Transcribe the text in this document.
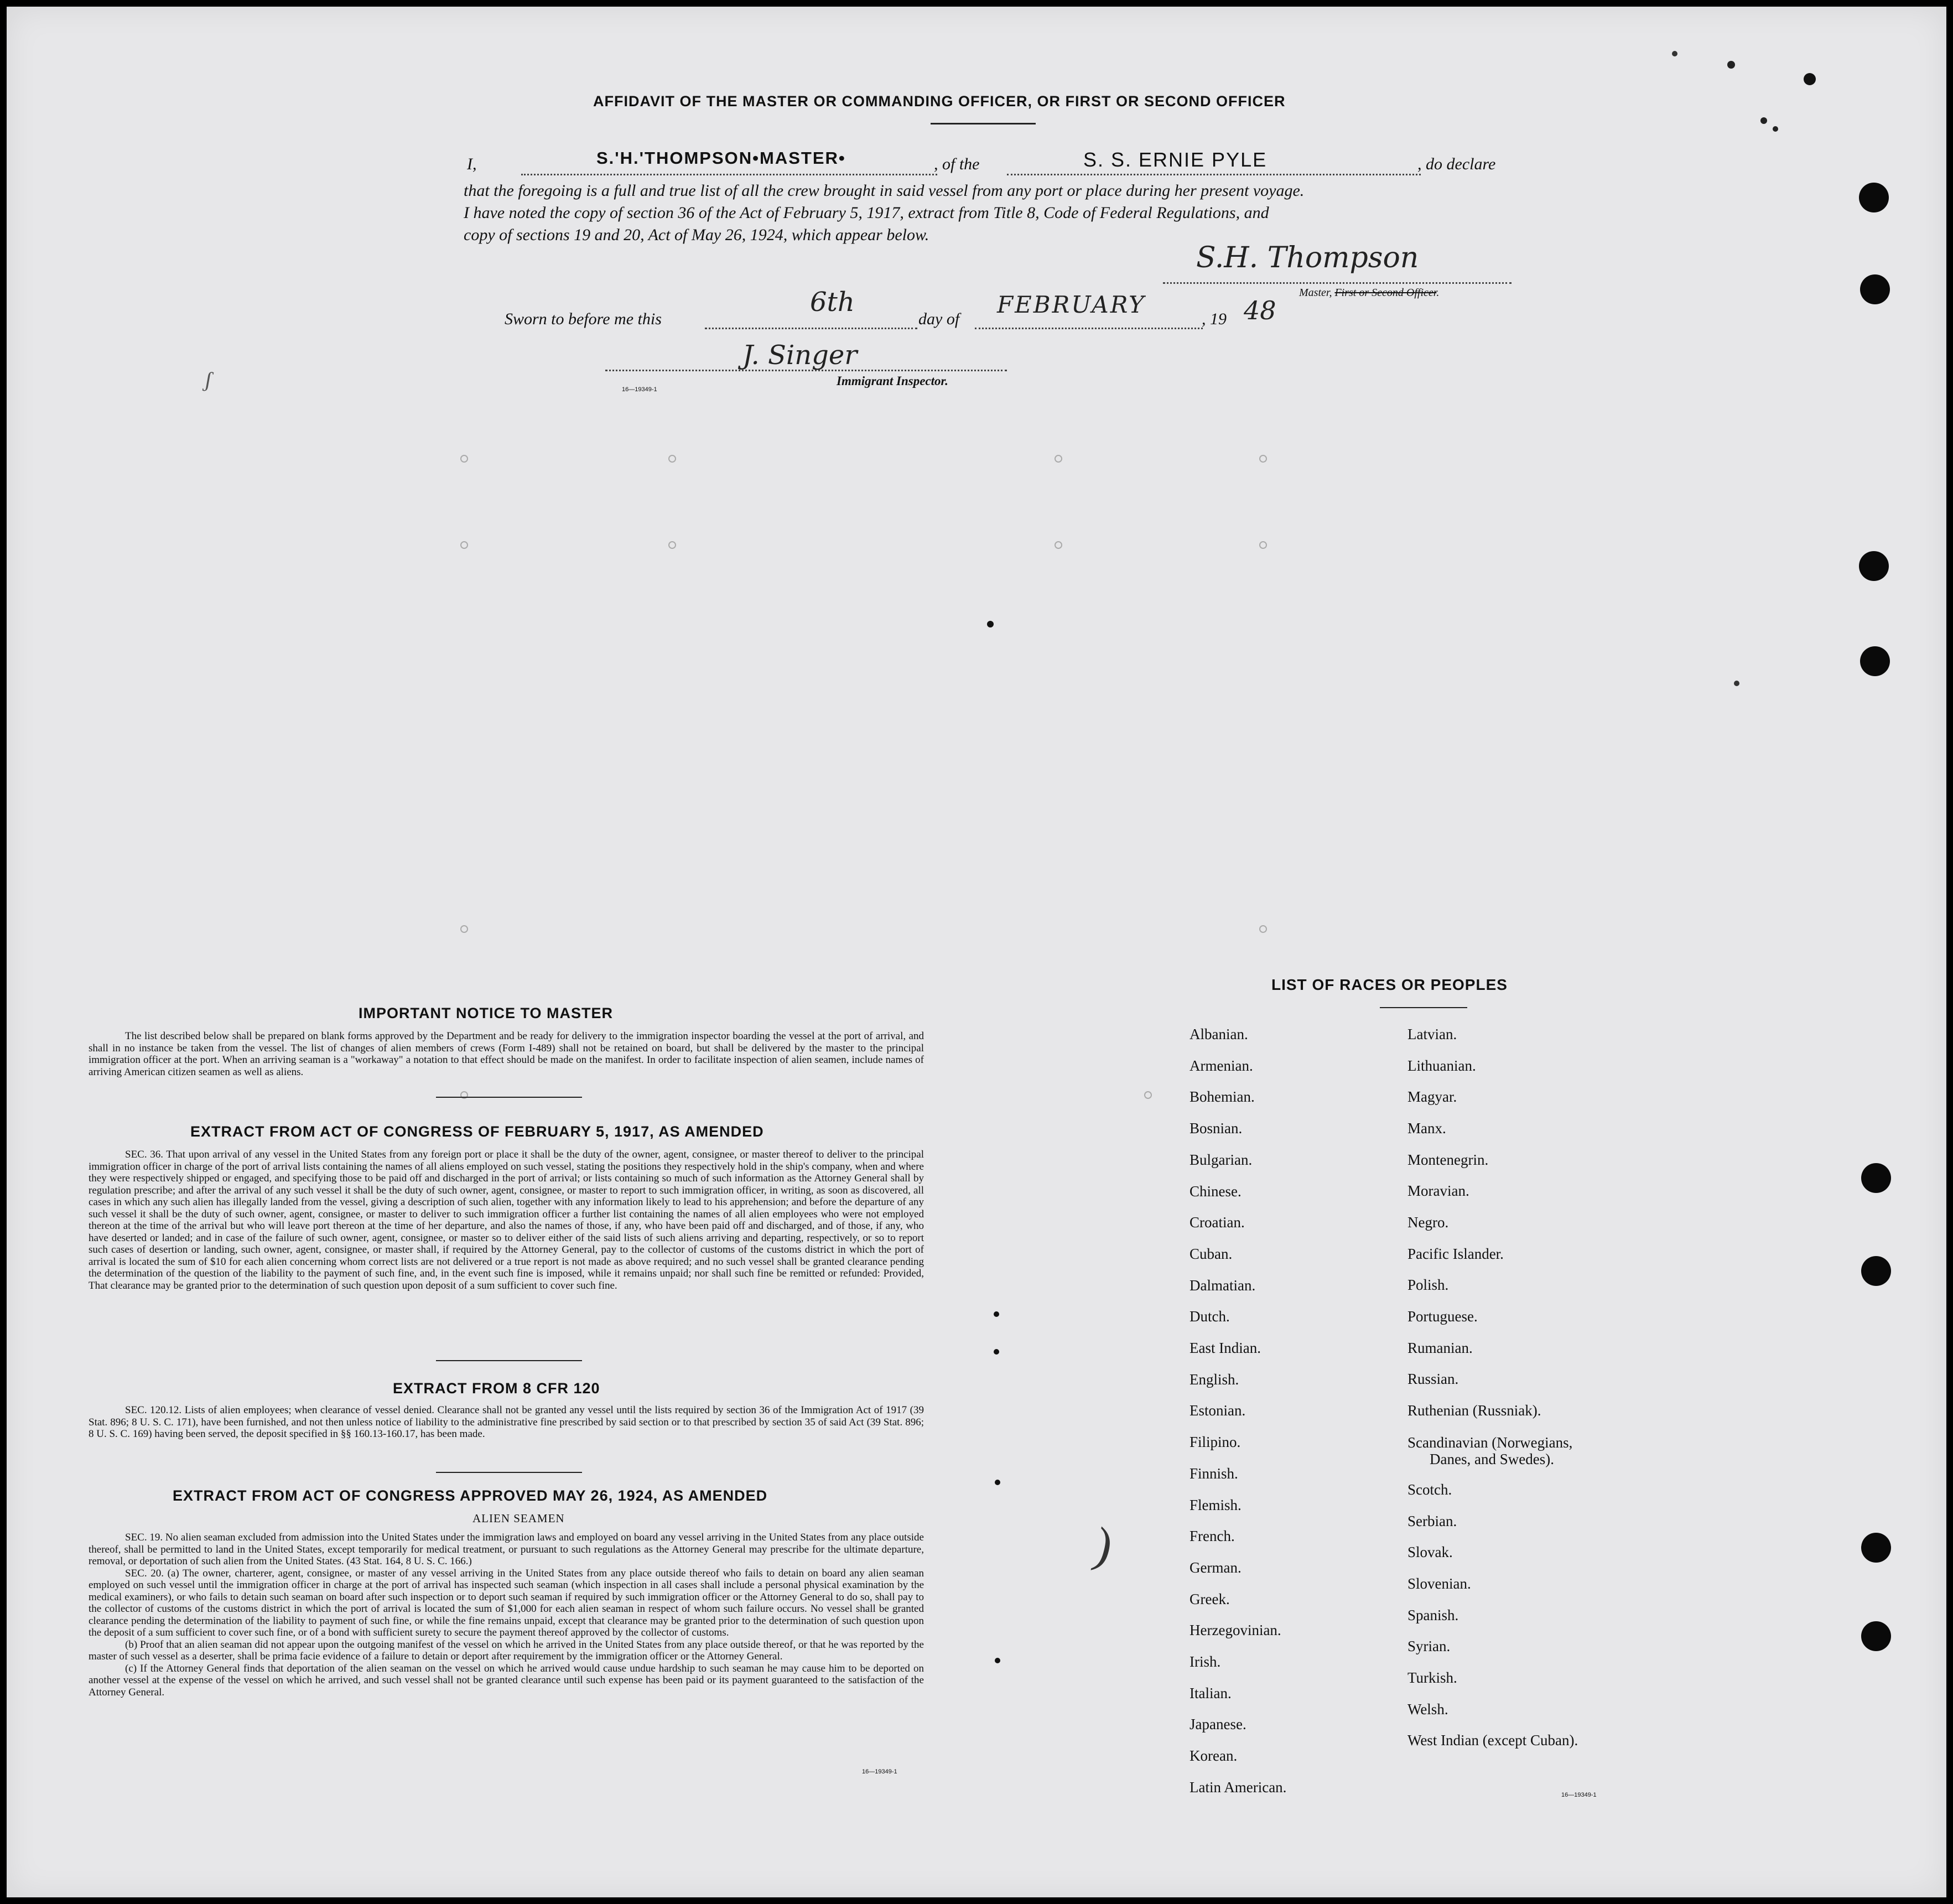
AFFIDAVIT OF THE MASTER OR COMMANDING OFFICER, OR FIRST OR SECOND OFFICER
I,	S.'H.'THOMPSON•MASTER•	, of the	S. S. ERNIE PYLE	, do declare
that the foregoing is a full and true list of all the crew brought in said vessel from any port or place during her present voyage.
I have noted the copy of section 36 of the Act of February 5, 1917, extract from Title 8, Code of Federal Regulations, and
copy of sections 19 and 20, Act of May 26, 1924, which appear below.
S.H. Thompson
Master, First or Second Officer.
Sworn to before me this
6th
day of
FEBRUARY
, 19 48
J. Singer
16—19349-1
Immigrant Inspector.
IMPORTANT NOTICE TO MASTER
The list described below shall be prepared on blank forms approved by the Department and be ready for delivery to the immigration inspector boarding the vessel at the port of arrival, and shall in no instance be taken from the vessel. The list of changes of alien members of crews (Form I-489) shall not be retained on board, but shall be delivered by the master to the principal immigration officer at the port. When an arriving seaman is a "workaway" a notation to that effect should be made on the manifest. In order to facilitate inspection of alien seamen, include names of arriving American citizen seamen as well as aliens.
EXTRACT FROM ACT OF CONGRESS OF FEBRUARY 5, 1917, AS AMENDED
SEC. 36. That upon arrival of any vessel in the United States from any foreign port or place it shall be the duty of the owner, agent, consignee, or master thereof to deliver to the principal immigration officer in charge of the port of arrival lists containing the names of all aliens employed on such vessel, stating the positions they respectively hold in the ship's company, when and where they were respectively shipped or engaged, and specifying those to be paid off and discharged in the port of arrival; or lists containing so much of such information as the Attorney General shall by regulation prescribe; and after the arrival of any such vessel it shall be the duty of such owner, agent, consignee, or master to report to such immigration officer, in writing, as soon as discovered, all cases in which any such alien has illegally landed from the vessel, giving a description of such alien, together with any information likely to lead to his apprehension; and before the departure of any such vessel it shall be the duty of such owner, agent, consignee, or master to deliver to such immigration officer a further list containing the names of all alien employees who were not employed thereon at the time of the arrival but who will leave port thereon at the time of her departure, and also the names of those, if any, who have been paid off and discharged, and of those, if any, who have deserted or landed; and in case of the failure of such owner, agent, consignee, or master so to deliver either of the said lists of such aliens arriving and departing, respectively, or so to report such cases of desertion or landing, such owner, agent, consignee, or master shall, if required by the Attorney General, pay to the collector of customs of the customs district in which the port of arrival is located the sum of $10 for each alien concerning whom correct lists are not delivered or a true report is not made as above required; and no such vessel shall be granted clearance pending the determination of the question of the liability to the payment of such fine, and, in the event such fine is imposed, while it remains unpaid; nor shall such fine be remitted or refunded: Provided, That clearance may be granted prior to the determination of such question upon deposit of a sum sufficient to cover such fine.
EXTRACT FROM 8 CFR 120
SEC. 120.12. Lists of alien employees; when clearance of vessel denied. Clearance shall not be granted any vessel until the lists required by section 36 of the Immigration Act of 1917 (39 Stat. 896; 8 U. S. C. 171), have been furnished, and not then unless notice of liability to the administrative fine prescribed by said section or to that prescribed by section 35 of said Act (39 Stat. 896; 8 U. S. C. 169) having been served, the deposit specified in §§ 160.13-160.17, has been made.
EXTRACT FROM ACT OF CONGRESS APPROVED MAY 26, 1924, AS AMENDED
ALIEN SEAMEN
SEC. 19. No alien seaman excluded from admission into the United States under the immigration laws and employed on board any vessel arriving in the United States from any place outside thereof, shall be permitted to land in the United States, except temporarily for medical treatment, or pursuant to such regulations as the Attorney General may prescribe for the ultimate departure, removal, or deportation of such alien from the United States. (43 Stat. 164, 8 U. S. C. 166.)
SEC. 20. (a) The owner, charterer, agent, consignee, or master of any vessel arriving in the United States from any place outside thereof who fails to detain on board any alien seaman employed on such vessel until the immigration officer in charge at the port of arrival has inspected such seaman (which inspection in all cases shall include a personal physical examination by the medical examiners), or who fails to detain such seaman on board after such inspection or to deport such seaman if required by such immigration officer or the Attorney General to do so, shall pay to the collector of customs of the customs district in which the port of arrival is located the sum of $1,000 for each alien seaman in respect of whom such failure occurs. No vessel shall be granted clearance pending the determination of the liability to payment of such fine, or while the fine remains unpaid, except that clearance may be granted prior to the determination of such question upon the deposit of a sum sufficient to cover such fine, or of a bond with sufficient surety to secure the payment thereof approved by the collector of customs.
(b) Proof that an alien seaman did not appear upon the outgoing manifest of the vessel on which he arrived in the United States from any place outside thereof, or that he was reported by the master of such vessel as a deserter, shall be prima facie evidence of a failure to detain or deport after requirement by the immigration officer or the Attorney General.
(c) If the Attorney General finds that deportation of the alien seaman on the vessel on which he arrived would cause undue hardship to such seaman he may cause him to be deported on another vessel at the expense of the vessel on which he arrived, and such vessel shall not be granted clearance until such expense has been paid or its payment guaranteed to the satisfaction of the Attorney General.
16—19349-1
LIST OF RACES OR PEOPLES
Albanian.
Armenian.
Bohemian.
Bosnian.
Bulgarian.
Chinese.
Croatian.
Cuban.
Dalmatian.
Dutch.
East Indian.
English.
Estonian.
Filipino.
Finnish.
Flemish.
French.
German.
Greek.
Herzegovinian.
Irish.
Italian.
Japanese.
Korean.
Latin American.
Latvian.
Lithuanian.
Magyar.
Manx.
Montenegrin.
Moravian.
Negro.
Pacific Islander.
Polish.
Portuguese.
Rumanian.
Russian.
Ruthenian (Russniak).
Scandinavian (Norwegians,
Danes, and Swedes).
Scotch.
Serbian.
Slovak.
Slovenian.
Spanish.
Syrian.
Turkish.
Welsh.
West Indian (except Cuban).
16—19349-1
ʃ
)
